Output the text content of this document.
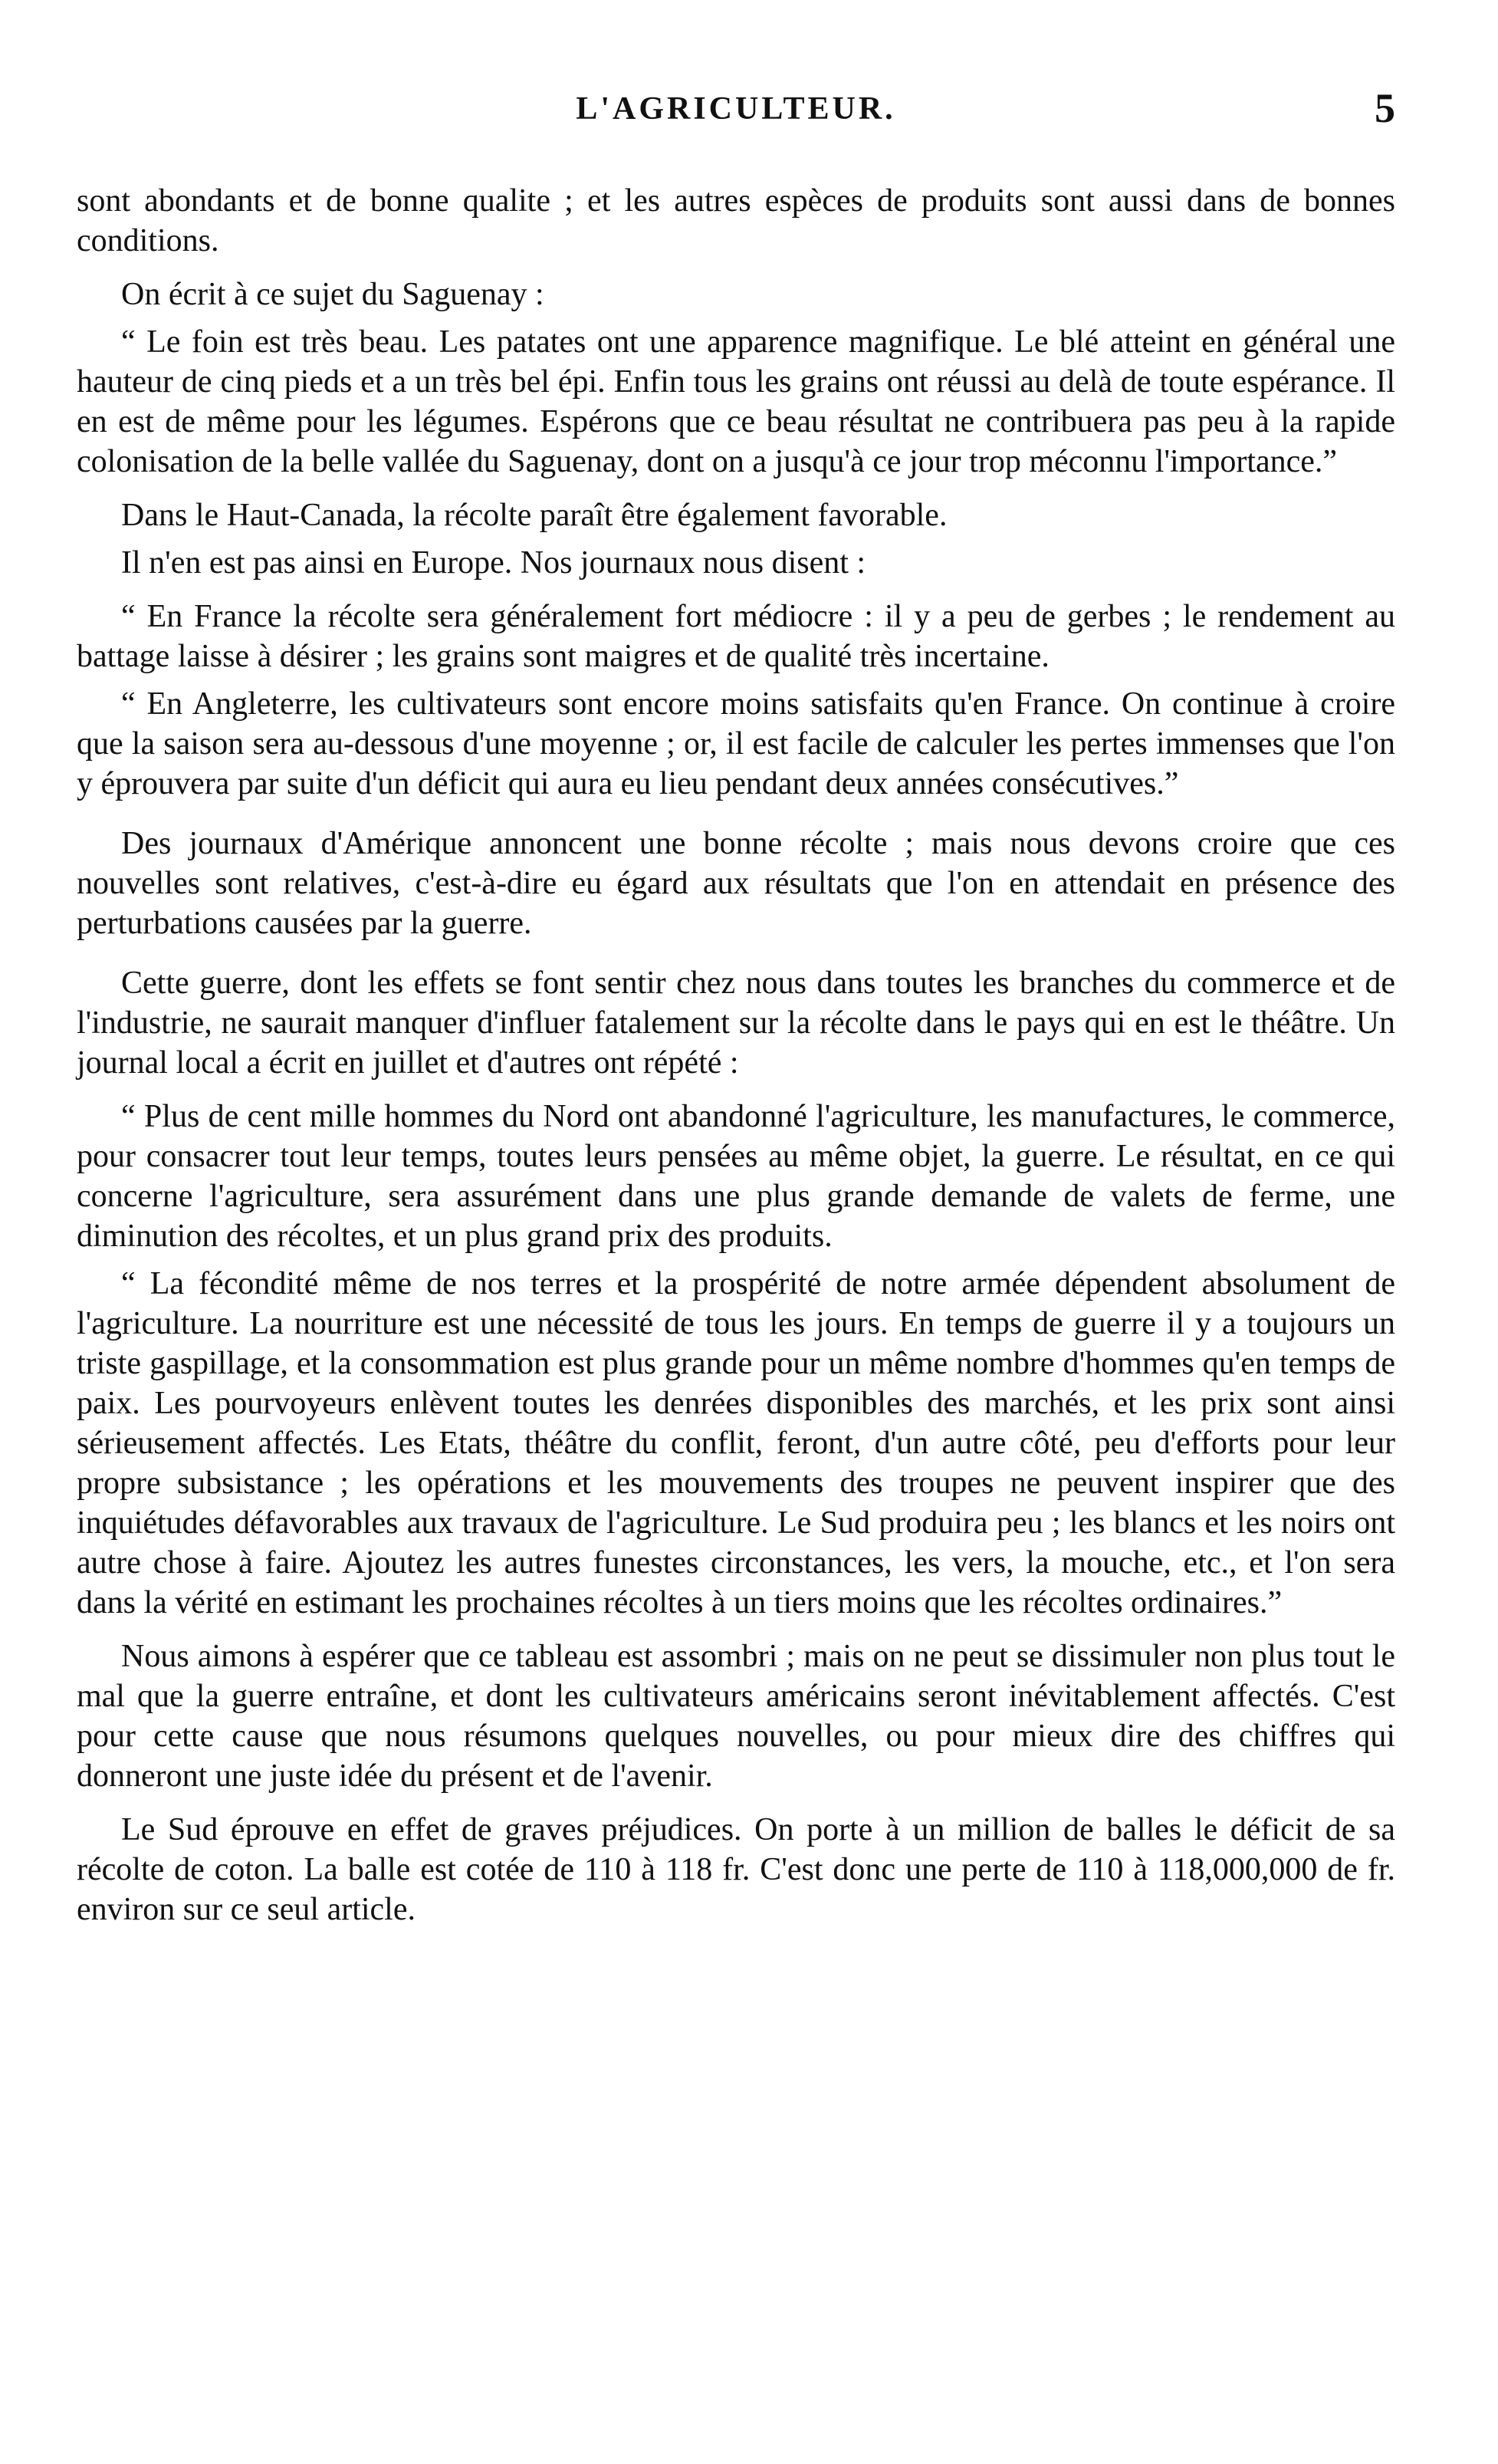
L'AGRICULTEUR.	5

sont abondants et de bonne qualite ; et les autres espèces de produits sont aussi dans de bonnes conditions.

On écrit à ce sujet du Saguenay :

“ Le foin est très beau. Les patates ont une apparence magnifique. Le blé atteint en général une hauteur de cinq pieds et a un très bel épi. Enfin tous les grains ont réussi au delà de toute espérance. Il en est de même pour les légumes. Espérons que ce beau résultat ne contribuera pas peu à la rapide colonisation de la belle vallée du Saguenay, dont on a jusqu'à ce jour trop méconnu l'importance.”

Dans le Haut-Canada, la récolte paraît être également favorable.

Il n'en est pas ainsi en Europe. Nos journaux nous disent :

“ En France la récolte sera généralement fort médiocre : il y a peu de gerbes ; le rendement au battage laisse à désirer ; les grains sont maigres et de qualité très incertaine.

“ En Angleterre, les cultivateurs sont encore moins satisfaits qu'en France. On continue à croire que la saison sera au-dessous d'une moyenne ; or, il est facile de calculer les pertes immenses que l'on y éprouvera par suite d'un déficit qui aura eu lieu pendant deux années consécutives.”

Des journaux d'Amérique annoncent une bonne récolte ; mais nous devons croire que ces nouvelles sont relatives, c'est-à-dire eu égard aux résultats que l'on en attendait en présence des perturbations causées par la guerre.

Cette guerre, dont les effets se font sentir chez nous dans toutes les branches du commerce et de l'industrie, ne saurait manquer d'influer fatalement sur la récolte dans le pays qui en est le théâtre. Un journal local a écrit en juillet et d'autres ont répété :

“ Plus de cent mille hommes du Nord ont abandonné l'agriculture, les manufactures, le commerce, pour consacrer tout leur temps, toutes leurs pensées au même objet, la guerre. Le résultat, en ce qui concerne l'agriculture, sera assurément dans une plus grande demande de valets de ferme, une diminution des récoltes, et un plus grand prix des produits.

“ La fécondité même de nos terres et la prospérité de notre armée dépendent absolument de l'agriculture. La nourriture est une nécessité de tous les jours. En temps de guerre il y a toujours un triste gaspillage, et la consommation est plus grande pour un même nombre d'hommes qu'en temps de paix. Les pourvoyeurs enlèvent toutes les denrées disponibles des marchés, et les prix sont ainsi sérieusement affectés. Les Etats, théâtre du conflit, feront, d'un autre côté, peu d'efforts pour leur propre subsistance ; les opérations et les mouvements des troupes ne peuvent inspirer que des inquiétudes défavorables aux travaux de l'agriculture. Le Sud produira peu ; les blancs et les noirs ont autre chose à faire. Ajoutez les autres funestes circonstances, les vers, la mouche, etc., et l'on sera dans la vérité en estimant les prochaines récoltes à un tiers moins que les récoltes ordinaires.”

Nous aimons à espérer que ce tableau est assombri ; mais on ne peut se dissimuler non plus tout le mal que la guerre entraîne, et dont les cultivateurs américains seront inévitablement affectés. C'est pour cette cause que nous résumons quelques nouvelles, ou pour mieux dire des chiffres qui donneront une juste idée du présent et de l'avenir.

Le Sud éprouve en effet de graves préjudices. On porte à un million de balles le déficit de sa récolte de coton. La balle est cotée de 110 à 118 fr. C'est donc une perte de 110 à 118,000,000 de fr. environ sur ce seul article.
